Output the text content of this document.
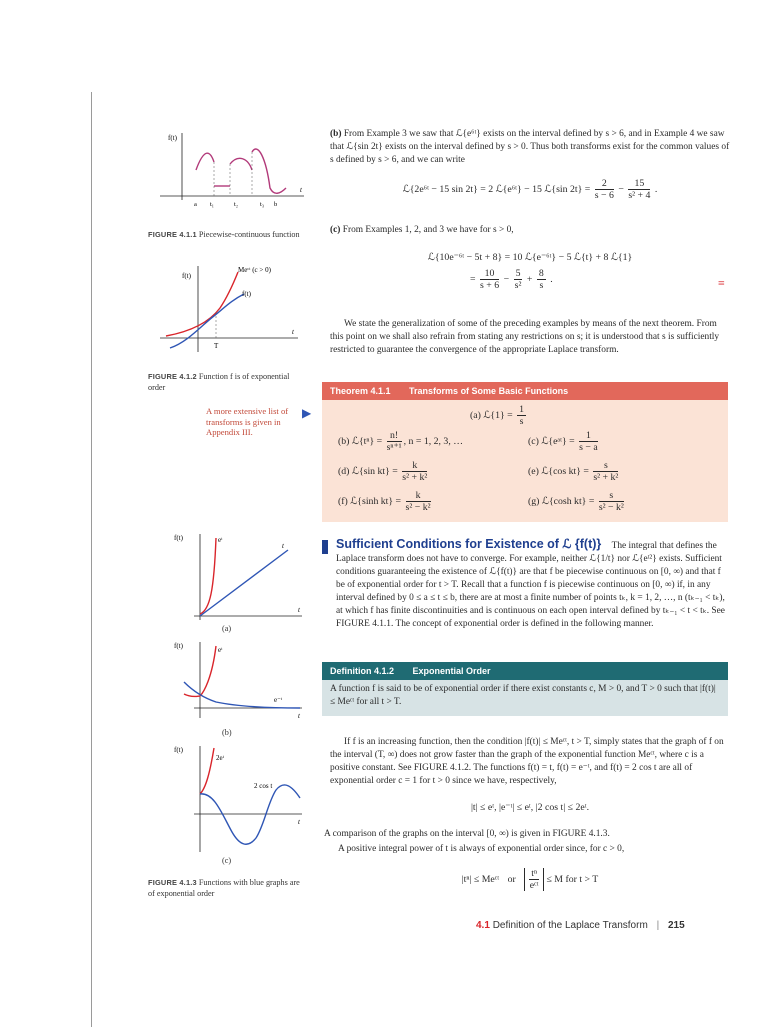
f(t)
t
a t₁	t₂	t₃ b
FIGURE 4.1.1 Piecewise-continuous function
f(t)
t
T
Meᶜᵗ (c > 0)
f(t)
FIGURE 4.1.2 Function f is of exponential order
A more extensive list of transforms is given in Appendix III.
▶
f(t)
t
eᵗ
t
(a)
f(t)
t
eᵗ
e⁻ᵗ
(b)
f(t)
t
2eᵗ
2 cos t
(c)
FIGURE 4.1.3 Functions with blue graphs are of exponential order
(b) From Example 3 we saw that ℒ{e⁶ᵗ} exists on the interval defined by s > 6, and in Example 4 we saw that ℒ{sin 2t} exists on the interval defined by s > 0. Thus both transforms exist for the common values of s defined by s > 6, and we can write
ℒ{2e⁶ᵗ − 15 sin 2t} = 2 ℒ{e⁶ᵗ} − 15 ℒ{sin $2t\} = \frac{2}{s - 6} - \frac{15}{\text{s² + 4}}$ .
(c) From Examples 1, 2, and 3 we have for s > 0,
ℒ{10e⁻⁶ᵗ − 5t + 8} = 10 ℒ{e⁻⁶ᵗ} − 5 ℒ{t} + 8 ℒ{1}
= $\frac{10}{s + 6} - \frac{5}{\text{s²}} + \frac{8}{s}$ .	≡
We state the generalization of some of the preceding examples by means of the next theorem. From this point on we shall also refrain from stating any restrictions on s; it is understood that s is sufficiently restricted to guarantee the convergence of the appropriate Laplace transform.
Theorem 4.1.1 Transforms of Some Basic Functions
(a) ℒ{1} = $\frac{1}{s}$
(b) ℒ{tⁿ} = $\frac{n!}{\text{sⁿ⁺¹}}$ , n = 1, 2, 3, …	(c) ℒ{eᵃᵗ} = $\frac{1}{s - a}$
(d) ℒ{sin $kt\} = \frac{k}{\text{s² + k²}}$	(e) ℒ{cos $kt\} = \frac{s}{\text{s² + k²}}$
(f) ℒ{sinh $kt\} = \frac{k}{\text{s² − k²}}$	(g) ℒ{cosh $kt\} = \frac{s}{\text{s² − k²}}$
Sufficient Conditions for Existence of ℒ {f(t)} The integral that defines the Laplace transform does not have to converge. For example, neither ℒ{1/t} nor ℒ{eᵗ²} exists. Sufficient conditions guaranteeing the existence of ℒ{f(t)} are that f be piecewise continuous on [0, ∞) and that f be of exponential order for t > T. Recall that a function f is piecewise continuous on [0, ∞) if, in any interval defined by 0 ≤ a ≤ t ≤ b, there are at most a finite number of points tₖ, k = 1, 2, …, n (tₖ₋₁ < tₖ), at which f has finite discontinuities and is continuous on each open interval defined by tₖ₋₁ < t < tₖ. See FIGURE 4.1.1. The concept of exponential order is defined in the following manner.
Definition 4.1.2 Exponential Order
A function f is said to be of exponential order if there exist constants c, M > 0, and T > 0 such that |f(t)| ≤ Meᶜᵗ for all t > T.
If f is an increasing function, then the condition |f(t)| ≤ Meᶜᵗ, t > T, simply states that the graph of f on the interval (T, ∞) does not grow faster than the graph of the exponential function Meᶜᵗ, where c is a positive constant. See FIGURE 4.1.2. The functions f(t) = t, f(t) = e⁻ᵗ, and f(t) = 2 cos t are all of exponential order c = 1 for t > 0 since we have, respectively,
|t| ≤ eᵗ, |e⁻ᵗ| ≤ eᵗ, |2 cos t| ≤ 2eᵗ.
A comparison of the graphs on the interval [0, ∞) is given in FIGURE 4.1.3.
A positive integral power of t is always of exponential order since, for c > 0,
|tⁿ| ≤ Meᶜᵗ or $\frac{\text{tⁿ}}{\text{eᶜᵗ}} \le M$ for t > T
4.1 Definition of the Laplace Transform | 215
